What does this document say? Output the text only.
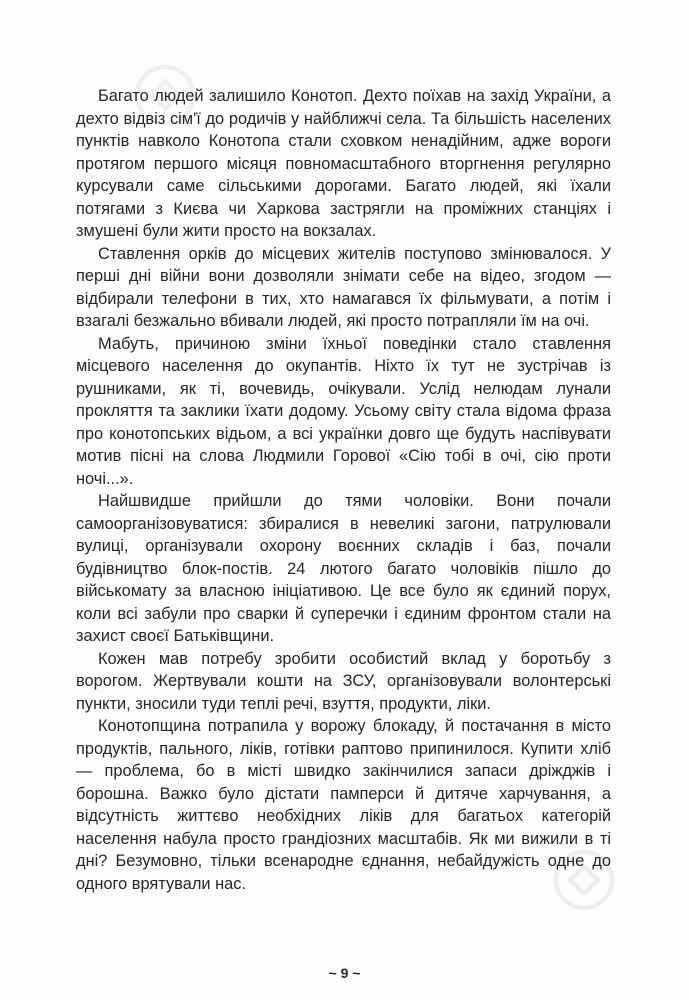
Багато людей залишило Конотоп. Дехто поїхав на захід України, а дехто відвіз сім'ї до родичів у найближчі села. Та більшість населених пунктів навколо Конотопа стали сховком ненадійним, адже вороги протягом першого місяця повномасштабного вторгнення регулярно курсували саме сільськими дорогами. Багато людей, які їхали потягами з Києва чи Харкова застрягли на проміжних станціях і змушені були жити просто на вокзалах.

Ставлення орків до місцевих жителів поступово змінювалося. У перші дні війни вони дозволяли знімати себе на відео, згодом — відбирали телефони в тих, хто намагався їх фільмувати, а потім і взагалі безжально вбивали людей, які просто потрапляли їм на очі.

Мабуть, причиною зміни їхньої поведінки стало ставлення місцевого населення до окупантів. Ніхто їх тут не зустрічав із рушниками, як ті, вочевидь, очікували. Услід нелюдам лунали прокляття та заклики їхати додому. Усьому світу стала відома фраза про конотопських відьом, а всі українки довго ще будуть наспівувати мотив пісні на слова Людмили Горової «Сію тобі в очі, сію проти ночі...».

Найшвидше прийшли до тями чоловіки. Вони почали самоорганізовуватися: збиралися в невеликі загони, патрулювали вулиці, організували охорону воєнних складів і баз, почали будівництво блок-постів. 24 лютого багато чоловіків пішло до військомату за власною ініціативою. Це все було як єдиний порух, коли всі забули про сварки й суперечки і єдиним фронтом стали на захист своєї Батьківщини.

Кожен мав потребу зробити особистий вклад у боротьбу з ворогом. Жертвували кошти на ЗСУ, організовували волонтерські пункти, зносили туди теплі речі, взуття, продукти, ліки.

Конотопщина потрапила у ворожу блокаду, й постачання в місто продуктів, пального, ліків, готівки раптово припинилося. Купити хліб — проблема, бо в місті швидко закінчилися запаси дріжджів і борошна. Важко було дістати памперси й дитяче харчування, а відсутність життєво необхідних ліків для багатьох категорій населення набула просто грандіозних масштабів. Як ми вижили в ті дні? Безумовно, тільки всенародне єднання, небайдужість одне до одного врятували нас.

~ 9 ~
